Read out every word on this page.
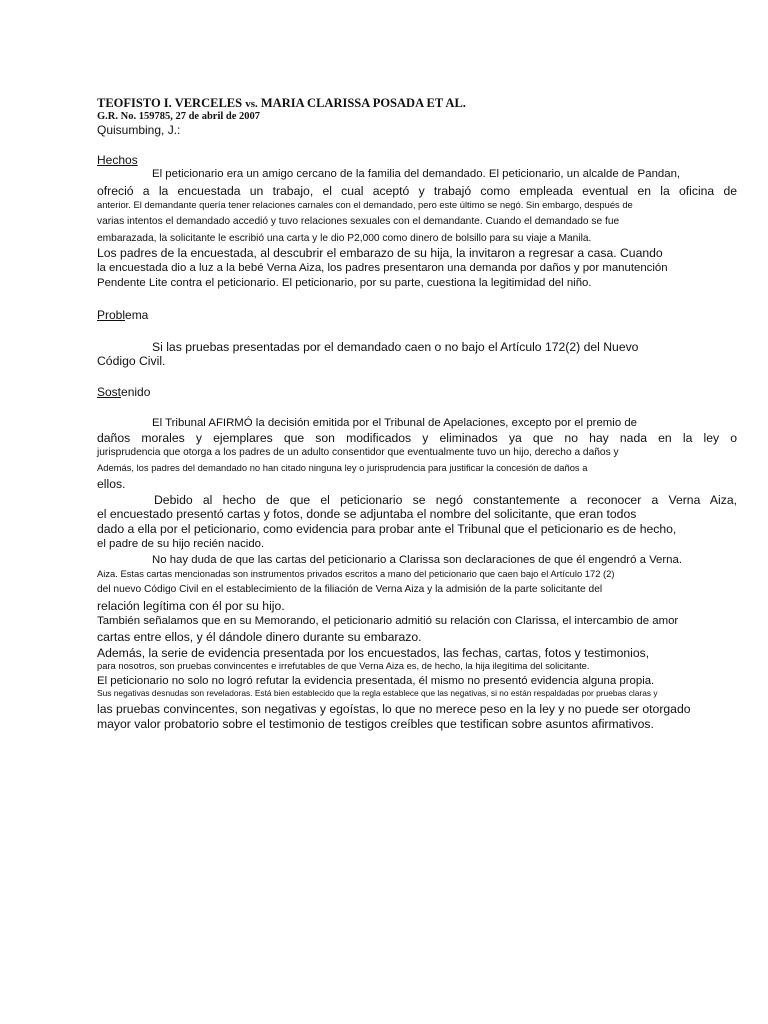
TEOFISTO I. VERCELES vs. MARIA CLARISSA POSADA ET AL.
G.R. No. 159785, 27 de abril de 2007
Quisumbing, J.:
Hechos
El peticionario era un amigo cercano de la familia del demandado. El peticionario, un alcalde de Pandan,
ofreció a la encuestada un trabajo, el cual aceptó y trabajó como empleada eventual en la oficina de
anterior. El demandante quería tener relaciones carnales con el demandado, pero este último se negó. Sin embargo, después de
varias intentos el demandado accedió y tuvo relaciones sexuales con el demandante. Cuando el demandado se fue
embarazada, la solicitante le escribió una carta y le dio P2,000 como dinero de bolsillo para su viaje a Manila.
Los padres de la encuestada, al descubrir el embarazo de su hija, la invitaron a regresar a casa. Cuando
la encuestada dio a luz a la bebé Verna Aiza, los padres presentaron una demanda por daños y por manutención
Pendente Lite contra el peticionario. El peticionario, por su parte, cuestiona la legitimidad del niño.
Problema
Si las pruebas presentadas por el demandado caen o no bajo el Artículo 172(2) del Nuevo
Código Civil.
Sostenido
El Tribunal AFIRMÓ la decisión emitida por el Tribunal de Apelaciones, excepto por el premio de
daños morales y ejemplares que son modificados y eliminados ya que no hay nada en la ley o
jurisprudencia que otorga a los padres de un adulto consentidor que eventualmente tuvo un hijo, derecho a daños y
Además, los padres del demandado no han citado ninguna ley o jurisprudencia para justificar la concesión de daños a
ellos.
Debido al hecho de que el peticionario se negó constantemente a reconocer a Verna Aiza,
el encuestado presentó cartas y fotos, donde se adjuntaba el nombre del solicitante, que eran todos
dado a ella por el peticionario, como evidencia para probar ante el Tribunal que el peticionario es de hecho,
el padre de su hijo recién nacido.
No hay duda de que las cartas del peticionario a Clarissa son declaraciones de que él engendró a Verna.
Aiza. Estas cartas mencionadas son instrumentos privados escritos a mano del peticionario que caen bajo el Artículo 172 (2)
del nuevo Código Civil en el establecimiento de la filiación de Verna Aiza y la admisión de la parte solicitante del
relación legítima con él por su hijo.
También señalamos que en su Memorando, el peticionario admitió su relación con Clarissa, el intercambio de amor
cartas entre ellos, y él dándole dinero durante su embarazo.
Además, la serie de evidencia presentada por los encuestados, las fechas, cartas, fotos y testimonios,
para nosotros, son pruebas convincentes e irrefutables de que Verna Aiza es, de hecho, la hija ilegítima del solicitante.
El peticionario no solo no logró refutar la evidencia presentada, él mismo no presentó evidencia alguna propia.
Sus negativas desnudas son reveladoras. Está bien establecido que la regla establece que las negativas, si no están respaldadas por pruebas claras y
las pruebas convincentes, son negativas y egoístas, lo que no merece peso en la ley y no puede ser otorgado
mayor valor probatorio sobre el testimonio de testigos creíbles que testifican sobre asuntos afirmativos.
